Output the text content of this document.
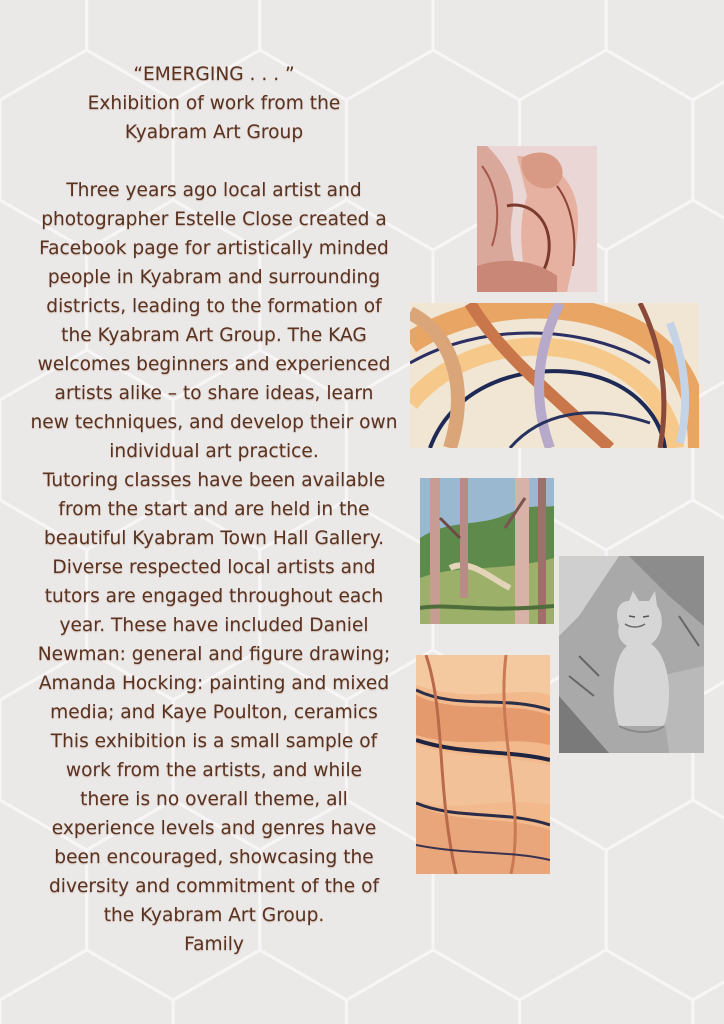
“EMERGING . . . ”
Exhibition of work from the
Kyabram Art Group
Three years ago local artist and
photographer Estelle Close created a
Facebook page for artistically minded
people in Kyabram and surrounding
districts, leading to the formation of
the Kyabram Art Group. The KAG
welcomes beginners and experienced
artists alike – to share ideas, learn
new techniques, and develop their own
individual art practice.
Tutoring classes have been available
from the start and are held in the
beautiful Kyabram Town Hall Gallery.
Diverse respected local artists and
tutors are engaged throughout each
year. These have included Daniel
Newman: general and figure drawing;
Amanda Hocking: painting and mixed
media; and Kaye Poulton, ceramics
This exhibition is a small sample of
work from the artists, and while
there is no overall theme, all
experience levels and genres have
been encouraged, showcasing the
diversity and commitment of the of
the Kyabram Art Group.
Family
